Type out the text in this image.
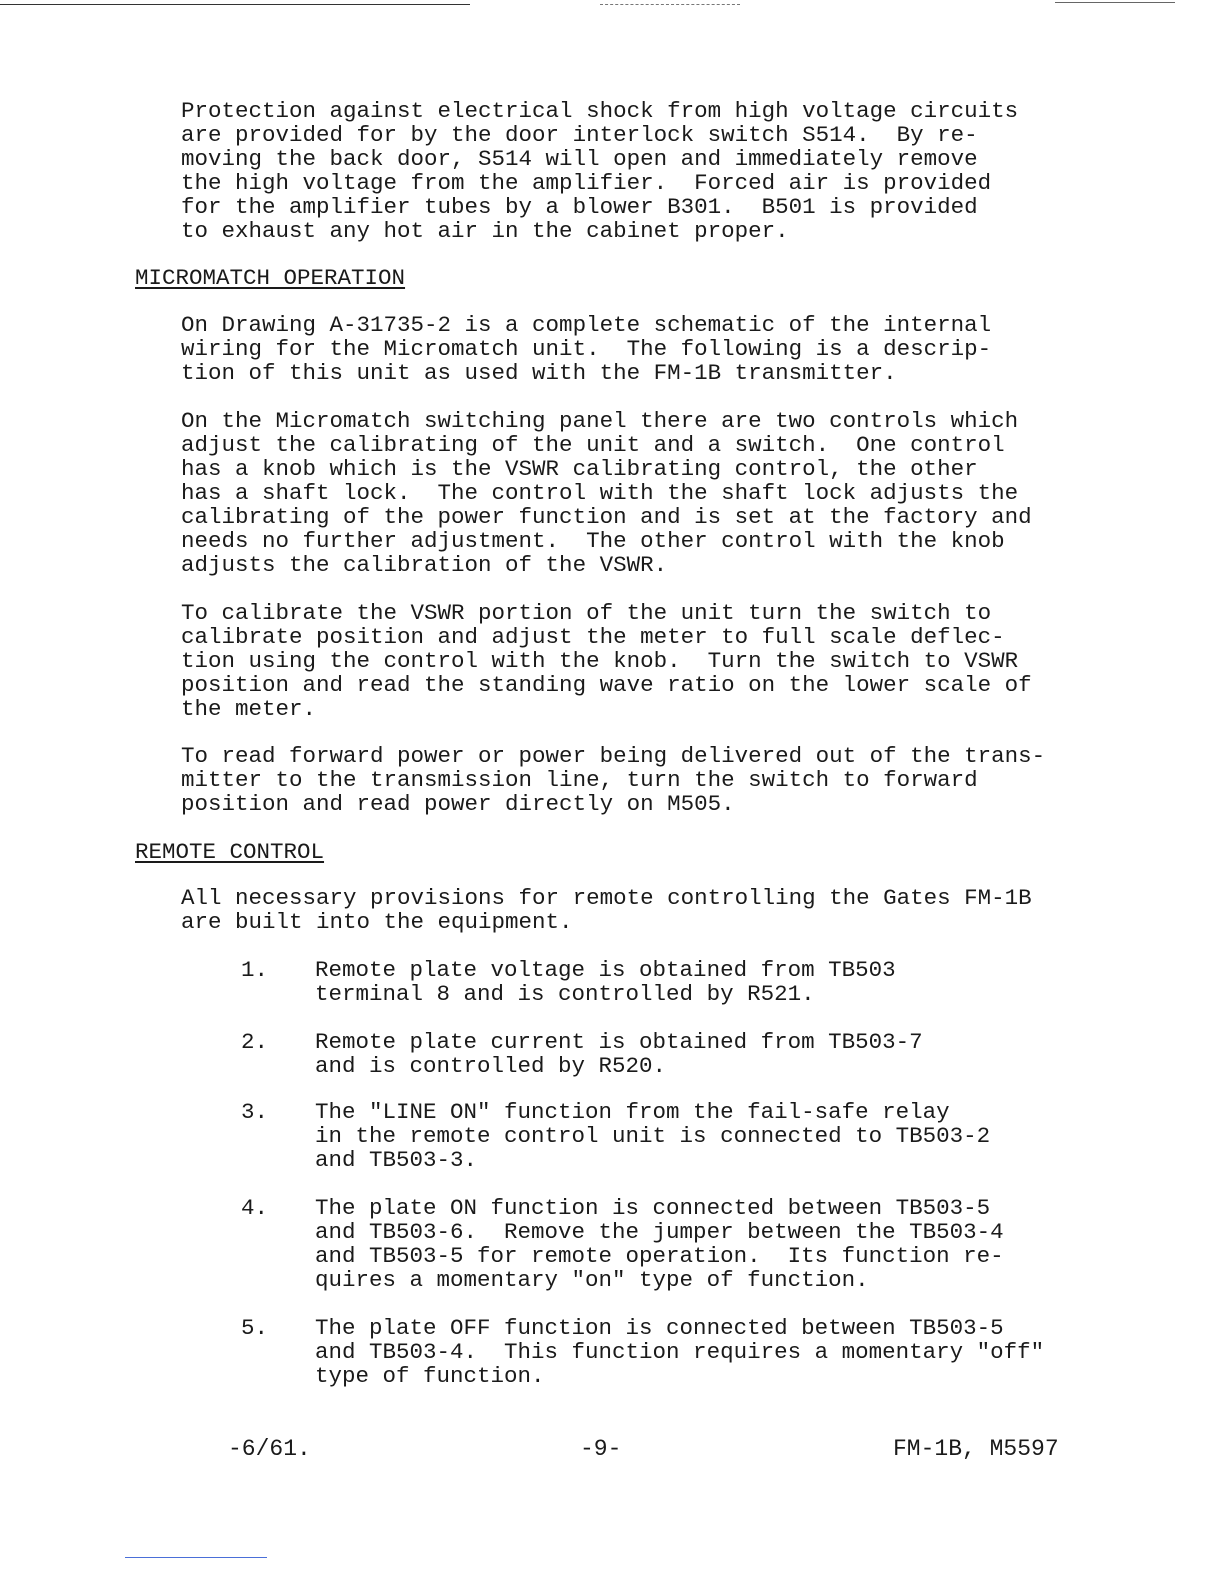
Protection against electrical shock from high voltage circuits
are provided for by the door interlock switch S514.  By re-
moving the back door, S514 will open and immediately remove
the high voltage from the amplifier.  Forced air is provided
for the amplifier tubes by a blower B301.  B501 is provided
to exhaust any hot air in the cabinet proper.

MICROMATCH OPERATION

On Drawing A-31735-2 is a complete schematic of the internal
wiring for the Micromatch unit.  The following is a descrip-
tion of this unit as used with the FM-1B transmitter.

On the Micromatch switching panel there are two controls which
adjust the calibrating of the unit and a switch.  One control
has a knob which is the VSWR calibrating control, the other
has a shaft lock.  The control with the shaft lock adjusts the
calibrating of the power function and is set at the factory and
needs no further adjustment.  The other control with the knob
adjusts the calibration of the VSWR.

To calibrate the VSWR portion of the unit turn the switch to
calibrate position and adjust the meter to full scale deflec-
tion using the control with the knob.  Turn the switch to VSWR
position and read the standing wave ratio on the lower scale of
the meter.

To read forward power or power being delivered out of the trans-
mitter to the transmission line, turn the switch to forward
position and read power directly on M505.

REMOTE CONTROL

All necessary provisions for remote controlling the Gates FM-1B
are built into the equipment.

1. Remote plate voltage is obtained from TB503
terminal 8 and is controlled by R521.

2. Remote plate current is obtained from TB503-7
and is controlled by R520.

3. The "LINE ON" function from the fail-safe relay
in the remote control unit is connected to TB503-2
and TB503-3.

4. The plate ON function is connected between TB503-5
and TB503-6.  Remove the jumper between the TB503-4
and TB503-5 for remote operation.  Its function re-
quires a momentary "on" type of function.

5. The plate OFF function is connected between TB503-5
and TB503-4.  This function requires a momentary "off"
type of function.

-6/61.	-9-	FM-1B, M5597
